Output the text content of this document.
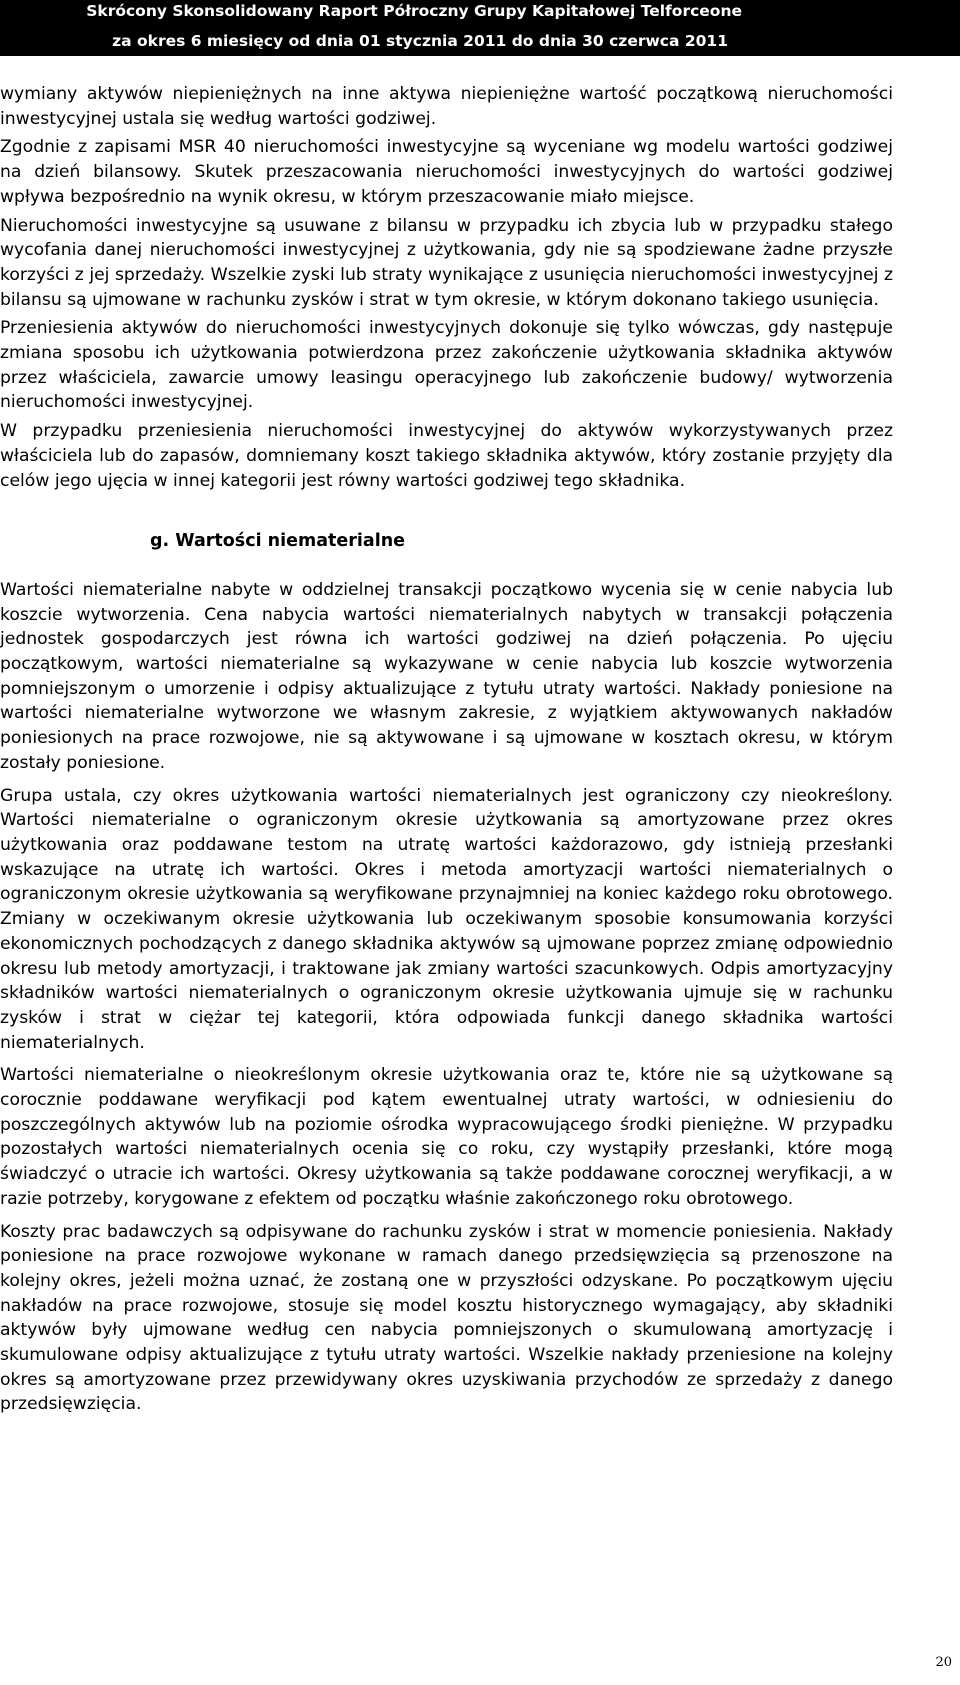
Skrócony Skonsolidowany Raport Półroczny Grupy Kapitałowej Telforceone
za okres 6 miesięcy od dnia 01 stycznia 2011 do dnia 30 czerwca 2011

wymiany aktywów niepieniężnych na inne aktywa niepieniężne wartość początkową nieruchomości inwestycyjnej ustala się według wartości godziwej.

Zgodnie z zapisami MSR 40 nieruchomości inwestycyjne są wyceniane wg modelu wartości godziwej na dzień bilansowy. Skutek przeszacowania nieruchomości inwestycyjnych do wartości godziwej wpływa bezpośrednio na wynik okresu, w którym przeszacowanie miało miejsce.

Nieruchomości inwestycyjne są usuwane z bilansu w przypadku ich zbycia lub w przypadku stałego wycofania danej nieruchomości inwestycyjnej z użytkowania, gdy nie są spodziewane żadne przyszłe korzyści z jej sprzedaży. Wszelkie zyski lub straty wynikające z usunięcia nieruchomości inwestycyjnej z bilansu są ujmowane w rachunku zysków i strat w tym okresie, w którym dokonano takiego usunięcia.

Przeniesienia aktywów do nieruchomości inwestycyjnych dokonuje się tylko wówczas, gdy następuje zmiana sposobu ich użytkowania potwierdzona przez zakończenie użytkowania składnika aktywów przez właściciela, zawarcie umowy leasingu operacyjnego lub zakończenie budowy/ wytworzenia nieruchomości inwestycyjnej.

W przypadku przeniesienia nieruchomości inwestycyjnej do aktywów wykorzystywanych przez właściciela lub do zapasów, domniemany koszt takiego składnika aktywów, który zostanie przyjęty dla celów jego ujęcia w innej kategorii jest równy wartości godziwej tego składnika.

g. Wartości niematerialne

Wartości niematerialne nabyte w oddzielnej transakcji początkowo wycenia się w cenie nabycia lub koszcie wytworzenia. Cena nabycia wartości niematerialnych nabytych w transakcji połączenia jednostek gospodarczych jest równa ich wartości godziwej na dzień połączenia. Po ujęciu początkowym, wartości niematerialne są wykazywane w cenie nabycia lub koszcie wytworzenia pomniejszonym o umorzenie i odpisy aktualizujące z tytułu utraty wartości. Nakłady poniesione na wartości niematerialne wytworzone we własnym zakresie, z wyjątkiem aktywowanych nakładów poniesionych na prace rozwojowe, nie są aktywowane i są ujmowane w kosztach okresu, w którym zostały poniesione.

Grupa ustala, czy okres użytkowania wartości niematerialnych jest ograniczony czy nieokreślony. Wartości niematerialne o ograniczonym okresie użytkowania są amortyzowane przez okres użytkowania oraz poddawane testom na utratę wartości każdorazowo, gdy istnieją przesłanki wskazujące na utratę ich wartości. Okres i metoda amortyzacji wartości niematerialnych o ograniczonym okresie użytkowania są weryfikowane przynajmniej na koniec każdego roku obrotowego. Zmiany w oczekiwanym okresie użytkowania lub oczekiwanym sposobie konsumowania korzyści ekonomicznych pochodzących z danego składnika aktywów są ujmowane poprzez zmianę odpowiednio okresu lub metody amortyzacji, i traktowane jak zmiany wartości szacunkowych. Odpis amortyzacyjny składników wartości niematerialnych o ograniczonym okresie użytkowania ujmuje się w rachunku zysków i strat w ciężar tej kategorii, która odpowiada funkcji danego składnika wartości niematerialnych.

Wartości niematerialne o nieokreślonym okresie użytkowania oraz te, które nie są użytkowane są corocznie poddawane weryfikacji pod kątem ewentualnej utraty wartości, w odniesieniu do poszczególnych aktywów lub na poziomie ośrodka wypracowującego środki pieniężne. W przypadku pozostałych wartości niematerialnych ocenia się co roku, czy wystąpiły przesłanki, które mogą świadczyć o utracie ich wartości. Okresy użytkowania są także poddawane corocznej weryfikacji, a w razie potrzeby, korygowane z efektem od początku właśnie zakończonego roku obrotowego.

Koszty prac badawczych są odpisywane do rachunku zysków i strat w momencie poniesienia. Nakłady poniesione na prace rozwojowe wykonane w ramach danego przedsięwzięcia są przenoszone na kolejny okres, jeżeli można uznać, że zostaną one w przyszłości odzyskane. Po początkowym ujęciu nakładów na prace rozwojowe, stosuje się model kosztu historycznego wymagający, aby składniki aktywów były ujmowane według cen nabycia pomniejszonych o skumulowaną amortyzację i skumulowane odpisy aktualizujące z tytułu utraty wartości. Wszelkie nakłady przeniesione na kolejny okres są amortyzowane przez przewidywany okres uzyskiwania przychodów ze sprzedaży z danego przedsięwzięcia.

20
